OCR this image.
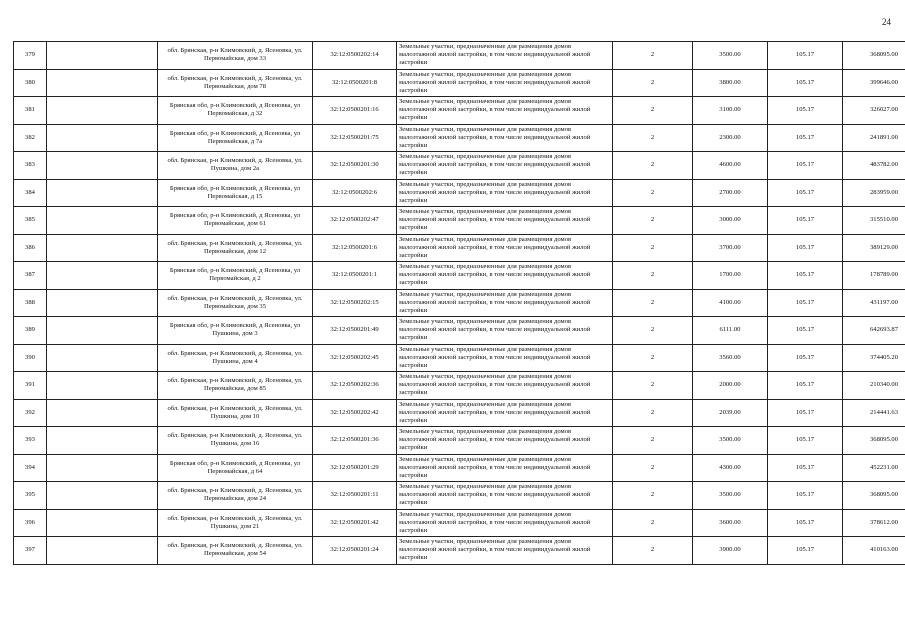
24
379		обл. Брянская, р-н Климовский, д. Ясеновка, ул. Первомайская, дом 33	32:12:0500202:14	Земельные участки, предназначенные для размещения домов малоэтажной жилой застройки, в том числе индивидуальной жилой застройки	2	3500.00	105.17	368095.00
380		обл. Брянская, р-н Климовский, д. Ясеновка, ул. Первомайская, дом 78	32:12:0500201:8	Земельные участки, предназначенные для размещения домов малоэтажной жилой застройки, в том числе индивидуальной жилой застройки	2	3800.00	105.17	399646.00
381		Брянская обл, р-н Климовский, д Ясеновка, ул Первомайская, д 32	32:12:0500201:16	Земельные участки, предназначенные для размещения домов малоэтажной жилой застройки, в том числе индивидуальной жилой застройки	2	3100.00	105.17	326027.00
382		Брянская обл, р-н Климовский, д Ясеновка, ул Первомайская, д 7а	32:12:0500201:75	Земельные участки, предназначенные для размещения домов малоэтажной жилой застройки, в том числе индивидуальной жилой застройки	2	2300.00	105.17	241891.00
383		обл. Брянская, р-н Климовский, д. Ясеновка, ул. Пушкина, дом 2а	32:12:0500201:30	Земельные участки, предназначенные для размещения домов малоэтажной жилой застройки, в том числе индивидуальной жилой застройки	2	4600.00	105.17	483782.00
384		Брянская обл, р-н Климовский, д Ясеновка, ул Первомайская, д 15	32:12:0500202:6	Земельные участки, предназначенные для размещения домов малоэтажной жилой застройки, в том числе индивидуальной жилой застройки	2	2700.00	105.17	283959.00
385		Брянская обл, р-н Климовский, д Ясеновка, ул Первомайская, дом 61	32:12:0500202:47	Земельные участки, предназначенные для размещения домов малоэтажной жилой застройки, в том числе индивидуальной жилой застройки	2	3000.00	105.17	315510.00
386		обл. Брянская, р-н Климовский, д. Ясеновка, ул. Первомайская, дом 12	32:12:0500201:6	Земельные участки, предназначенные для размещения домов малоэтажной жилой застройки, в том числе индивидуальной жилой застройки	2	3700.00	105.17	389129.00
387		Брянская обл, р-н Климовский, д Ясеновка, ул Первомайская, д 2	32:12:0500201:1	Земельные участки, предназначенные для размещения домов малоэтажной жилой застройки, в том числе индивидуальной жилой застройки	2	1700.00	105.17	178789.00
388		обл. Брянская, р-н Климовский, д. Ясеновка, ул. Первомайская, дом 35	32:12:0500202:15	Земельные участки, предназначенные для размещения домов малоэтажной жилой застройки, в том числе индивидуальной жилой застройки	2	4100.00	105.17	431197.00
389		Брянская обл, р-н Климовский, д Ясеновка, ул Пушкина, дом 3	32:12:0500201:49	Земельные участки, предназначенные для размещения домов малоэтажной жилой застройки, в том числе индивидуальной жилой застройки	2	6111.00	105.17	642693.87
390		обл. Брянская, р-н Климовский, д. Ясеновка, ул. Пушкина, дом 4	32:12:0500202:45	Земельные участки, предназначенные для размещения домов малоэтажной жилой застройки, в том числе индивидуальной жилой застройки	2	3560.00	105.17	374405.20
391		обл. Брянская, р-н Климовский, д. Ясеновка, ул. Первомайская, дом 85	32:12:0500202:36	Земельные участки, предназначенные для размещения домов малоэтажной жилой застройки, в том числе индивидуальной жилой застройки	2	2000.00	105.17	210340.00
392		обл. Брянская, р-н Климовский, д. Ясеновка, ул. Пушкина, дом 10	32:12:0500202:42	Земельные участки, предназначенные для размещения домов малоэтажной жилой застройки, в том числе индивидуальной жилой застройки	2	2039.00	105.17	214441.63
393		обл. Брянская, р-н Климовский, д. Ясеновка, ул. Пушкина, дом 16	32:12:0500201:36	Земельные участки, предназначенные для размещения домов малоэтажной жилой застройки, в том числе индивидуальной жилой застройки	2	3500.00	105.17	368095.00
394		Брянская обл, р-н Климовский, д Ясеновка, ул Первомайская, д 64	32:12:0500201:29	Земельные участки, предназначенные для размещения домов малоэтажной жилой застройки, в том числе индивидуальной жилой застройки	2	4300.00	105.17	452231.00
395		обл. Брянская, р-н Климовский, д. Ясеновка, ул. Первомайская, дом 24	32:12:0500201:11	Земельные участки, предназначенные для размещения домов малоэтажной жилой застройки, в том числе индивидуальной жилой застройки	2	3500.00	105.17	368095.00
396		обл. Брянская, р-н Климовский, д. Ясеновка, ул. Пушкина, дом 21	32:12:0500201:42	Земельные участки, предназначенные для размещения домов малоэтажной жилой застройки, в том числе индивидуальной жилой застройки	2	3600.00	105.17	378612.00
397		обл. Брянская, р-н Климовский, д. Ясеновка, ул. Первомайская, дом 54	32:12:0500201:24	Земельные участки, предназначенные для размещения домов малоэтажной жилой застройки, в том числе индивидуальной жилой застройки	2	3900.00	105.17	410163.00
